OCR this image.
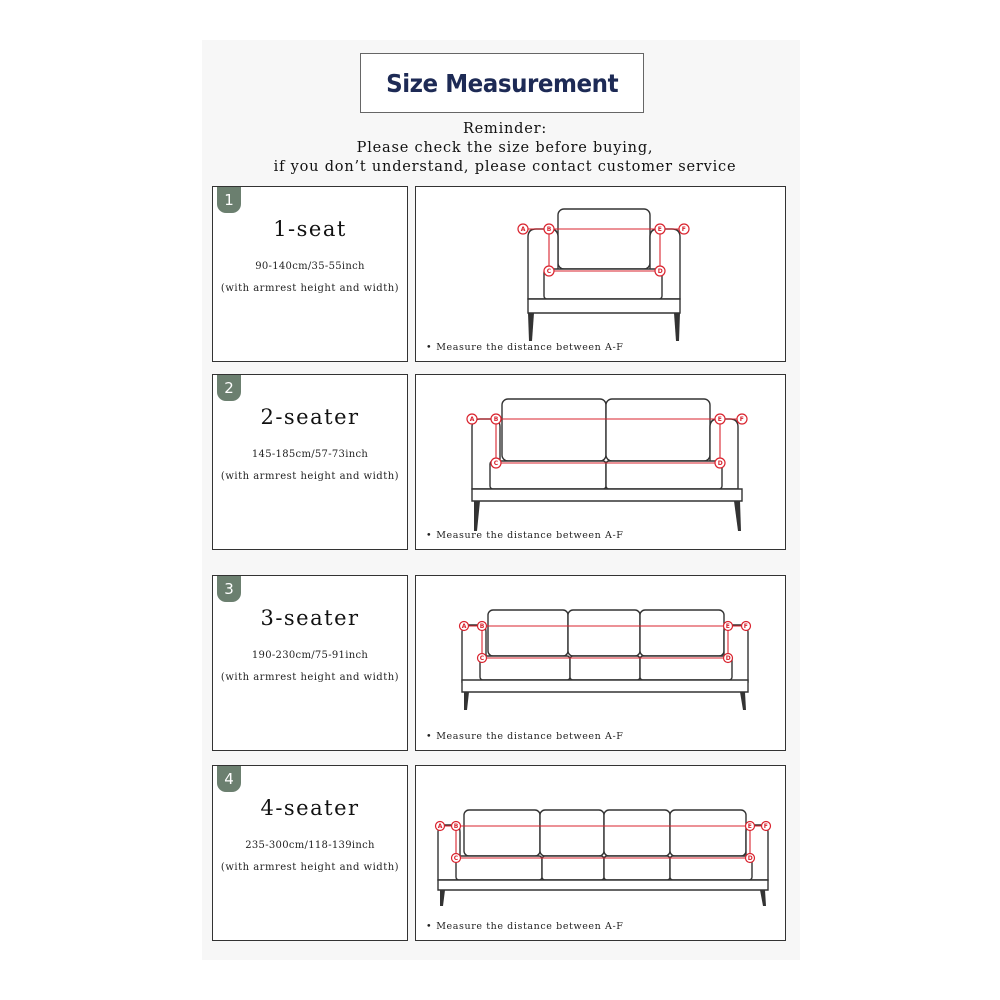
Size Measurement
Reminder:
Please check the size before buying,
if you don’t understand, please contact customer service
1
1-seat
90-140cm/35-55inch
(with armrest height and width)
A	B
C	D
E	F
• Measure the distance between A-F
2
2-seater
145-185cm/57-73inch
(with armrest height and width)
A	B
C	D
E	F
• Measure the distance between A-F
3
3-seater
190-230cm/75-91inch
(with armrest height and width)
A B
C	D
E F
• Measure the distance between A-F
4
4-seater
235-300cm/118-139inch
(with armrest height and width)
A B
C	D
E F
• Measure the distance between A-F
